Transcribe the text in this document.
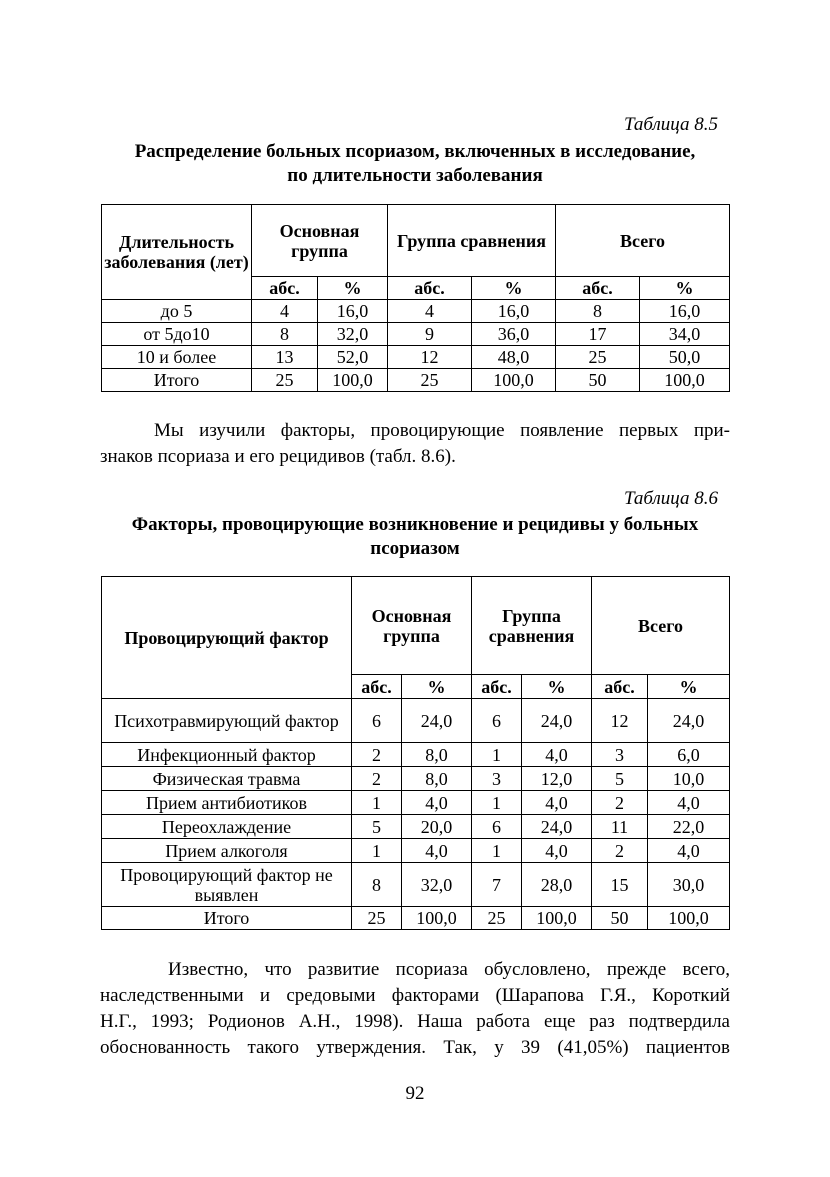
Таблица 8.5
Распределение больных псориазом, включенных в исследование,
по длительности заболевания
Длительность заболевания (лет)	Основная группа		Группа сравнения		Всего	
	абс.	%	абс.	%	абс.	%
до 5	4	16,0	4	16,0	8	16,0
от 5до10	8	32,0	9	36,0	17	34,0
10 и более	13	52,0	12	48,0	25	50,0
Итого	25	100,0	25	100,0	50	100,0
Мы изучили факторы, провоцирующие появление первых при-
знаков псориаза и его рецидивов (табл. 8.6).
Таблица 8.6
Факторы, провоцирующие возникновение и рецидивы у больных
псориазом
Провоцирующий фактор	Основная группа		Группа сравнения		Всего	
	абс.	%	абс.	%	абс.	%
Психотравмирующий фактор	6	24,0	6	24,0	12	24,0
Инфекционный фактор	2	8,0	1	4,0	3	6,0
Физическая травма	2	8,0	3	12,0	5	10,0
Прием антибиотиков	1	4,0	1	4,0	2	4,0
Переохлаждение	5	20,0	6	24,0	11	22,0
Прием алкоголя	1	4,0	1	4,0	2	4,0
Провоцирующий фактор не выявлен	8	32,0	7	28,0	15	30,0
Итого	25	100,0	25	100,0	50	100,0
Известно, что развитие псориаза обусловлено, прежде всего,
наследственными и средовыми факторами (Шарапова Г.Я., Короткий
Н.Г., 1993; Родионов А.Н., 1998). Наша работа еще раз подтвердила
обоснованность такого утверждения. Так, у 39 (41,05%) пациентов
92
